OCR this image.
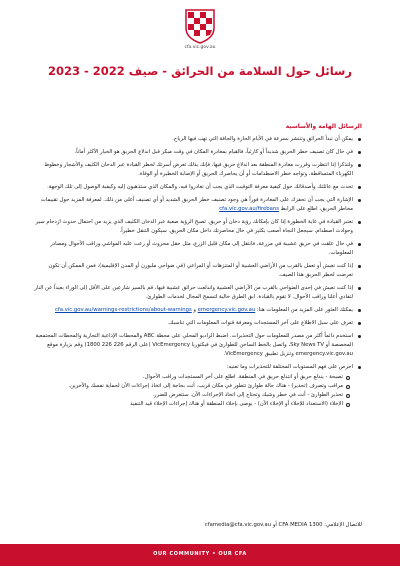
cfa.vic.gov.au
رسائل حول السلامة من الحرائق - صيف 2022 - 2023
الرسائل الهامة والأساسية
يمكن أن تبدأ الحرائق وتنتشر بسرعة في الأيام الحارة والجافة التي تهب فيها الرياح.
في حال كان تصنيف خطر الحريق شديداً أو كارثياً، فالقيام بمغادرة المكان في وقت مبكر قبل اندلاع الحريق هو الخيار الأكثر أماناً.
ولتذكرا إذا انتظرت وقررت مغادرة المنطقة بعد اندلاع حريق فيها، فإنك بذلك تعرض أسرتك لخطر القيادة عبر الدخان الكثيف والأشجار وخطوط الكهرباء المتساقطة، وتواجه خطر الاصطدامات أو أن يحاصرك الحريق أو الإصابة الخطيرة أو الوفاة.
تحدث مع عائلتك وأصدقائك حول كيفية معرفة التوقيت الذي يجب أن تغادروا فيه، والمكان الذي ستذهبون إليه وكيفية الوصول إلى تلك الوجهة.
الإشارة التي يجب أن تحفزك على المغادرة فوراً هي وجود تصنيف خطر الحريق الشديد أو أي تصنيف أعلى من ذلك. لمعرفة المزيد حول تقييمات مخاطر الحريق، اطلع على الرابط cfa.vic.gov.au/firebans
تعتبر القيادة في غاية الخطورة إذا كان بإمكانك رؤية دخان أو حريق. تصبح الرؤية صعبة عبر الدخان الكثيف الذي يزيد من احتمال حدوث ازدحام سير وحوادث اصطدام، سيجعل النجاة أصعب بكثير في حال محاصرتك داخل مكان الحريق. سيكون التنقل خطيراً.
في حال علقت في حريق عشبية في مزرعة، فانتقل إلى مكان قليل الزرع، مثل حقل محروث أو رعت عليه المواشي وراقب الأحوال ومصادر المعلومات.
إذا كنت تعيش أو تعمل بالقرب من الأراضي العشبية أو المتنزهات أو المراعي (في ضواحي ملبورن أو المدن الإقليمية)، فمن الممكن أن تكون تعرضت لخطر الحريق هذا الصيف.
إذا كنت تعيش في إحدى الضواحي بالقرب من الأراضي العشبية واندلعت حرائق عشبية فيها، قم بالسير شارعين على الأقل إلى الوراء بعيداً عن النار لتفادي أعلنا وراقب الأحوال. لا تقوم بالقيادة. ابق الطرق خالية لتسمح المجال لخدمات الطوارئ.
يمكنك العثور على المزيد من المعلومات هنا: emergency.vic.gov.au و cfa.vic.gov.au/warnings-restrictions/about-warnings
تعرف على سبل الاطلاع على آخر المستجدات ومعرفة قنوات المعلومات التي تناسبك.
استخدم دائماً أكثر من مصدر للمعلومات حول التحذيرات. اضبط الراديو المحلي على محطة ABC والمحطات الإذاعية التجارية والمحطات المجتمعية المخصصة أو Sky News TV، واتصل بالخط الساخن للطوارئ في فيكتوريا VicEmergency (على الرقم 226 226 1800) وقم بزيارة موقع emergency.vic.gov.au وتنزيل تطبيق VicEmergency.
احرص على فهم المستويات المختلفة للتحذيرات وما تعنيه:
نصيحة - يندلع حريق أو انتدلع حريق في المنطقة. اطلع على آخر المستجدات وراقب الأحوال.
مراقب وتصرف (تحذير) - هناك حالة طوارئ تتطور في مكان قريب. أنت بحاجة إلى اتخاذ إجراءات الآن لحماية نفسك والآخرين.
تحذير الطوارئ - أنت في خطر وشيك وتحتاج إلى اتخاذ الإجراءات الآن. ستتعرض للضرر.
الإخلاء (الاستعداد للإخلاء أو الإخلاء الآن) - يوصى بإخلاء المنطقة أو هناك إجراءات الإخلاء قيد التنفيذ
للاتصال الإعلامي: 1300 CFA MEDIA أو cfamedia@cfa.vic.gov.au
OUR COMMUNITY • OUR CFA
